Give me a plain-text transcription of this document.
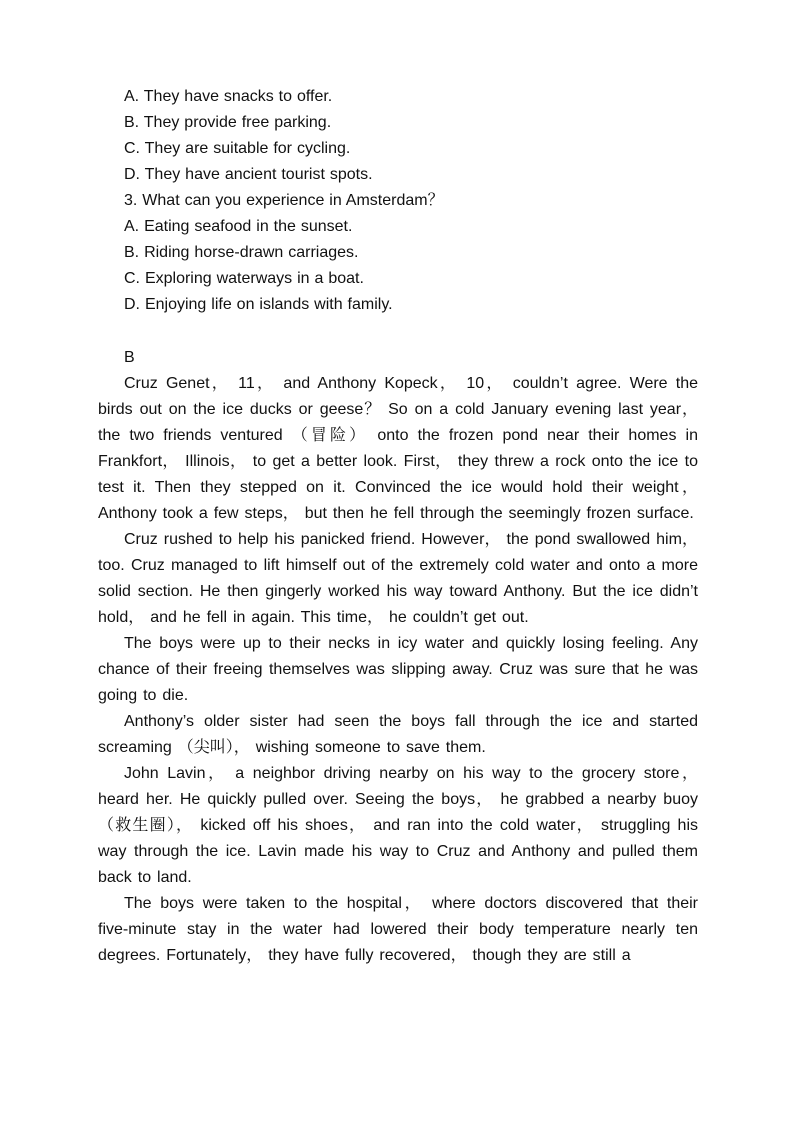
A. They have snacks to offer.
B. They provide free parking.
C. They are suitable for cycling.
D. They have ancient tourist spots.
3. What can you experience in Amsterdam？
A. Eating seafood in the sunset.
B. Riding horse-drawn carriages.
C. Exploring waterways in a boat.
D. Enjoying life on islands with family.
B

Cruz Genet， 11， and Anthony Kopeck， 10， couldn’t agree. Were the birds out on the ice ducks or geese？ So on a cold January evening last year， the two friends ventured （冒险） onto the frozen pond near their homes in Frankfort， Illinois， to get a better look. First， they threw a rock onto the ice to test it. Then they stepped on it. Convinced the ice would hold their weight， Anthony took a few steps， but then he fell through the seemingly frozen surface.

Cruz rushed to help his panicked friend. However， the pond swallowed him， too. Cruz managed to lift himself out of the extremely cold water and onto a more solid section. He then gingerly worked his way toward Anthony. But the ice didn’t hold， and he fell in again. This time， he couldn’t get out.

The boys were up to their necks in icy water and quickly losing feeling. Any chance of their freeing themselves was slipping away. Cruz was sure that he was going to die.

Anthony’s older sister had seen the boys fall through the ice and started screaming （尖叫）， wishing someone to save them.

John Lavin， a neighbor driving nearby on his way to the grocery store， heard her. He quickly pulled over. Seeing the boys， he grabbed a nearby buoy （救生圈）， kicked off his shoes， and ran into the cold water， struggling his way through the ice. Lavin made his way to Cruz and Anthony and pulled them back to land.

The boys were taken to the hospital， where doctors discovered that their five-minute stay in the water had lowered their body temperature nearly ten degrees. Fortunately， they have fully recovered， though they are still a
